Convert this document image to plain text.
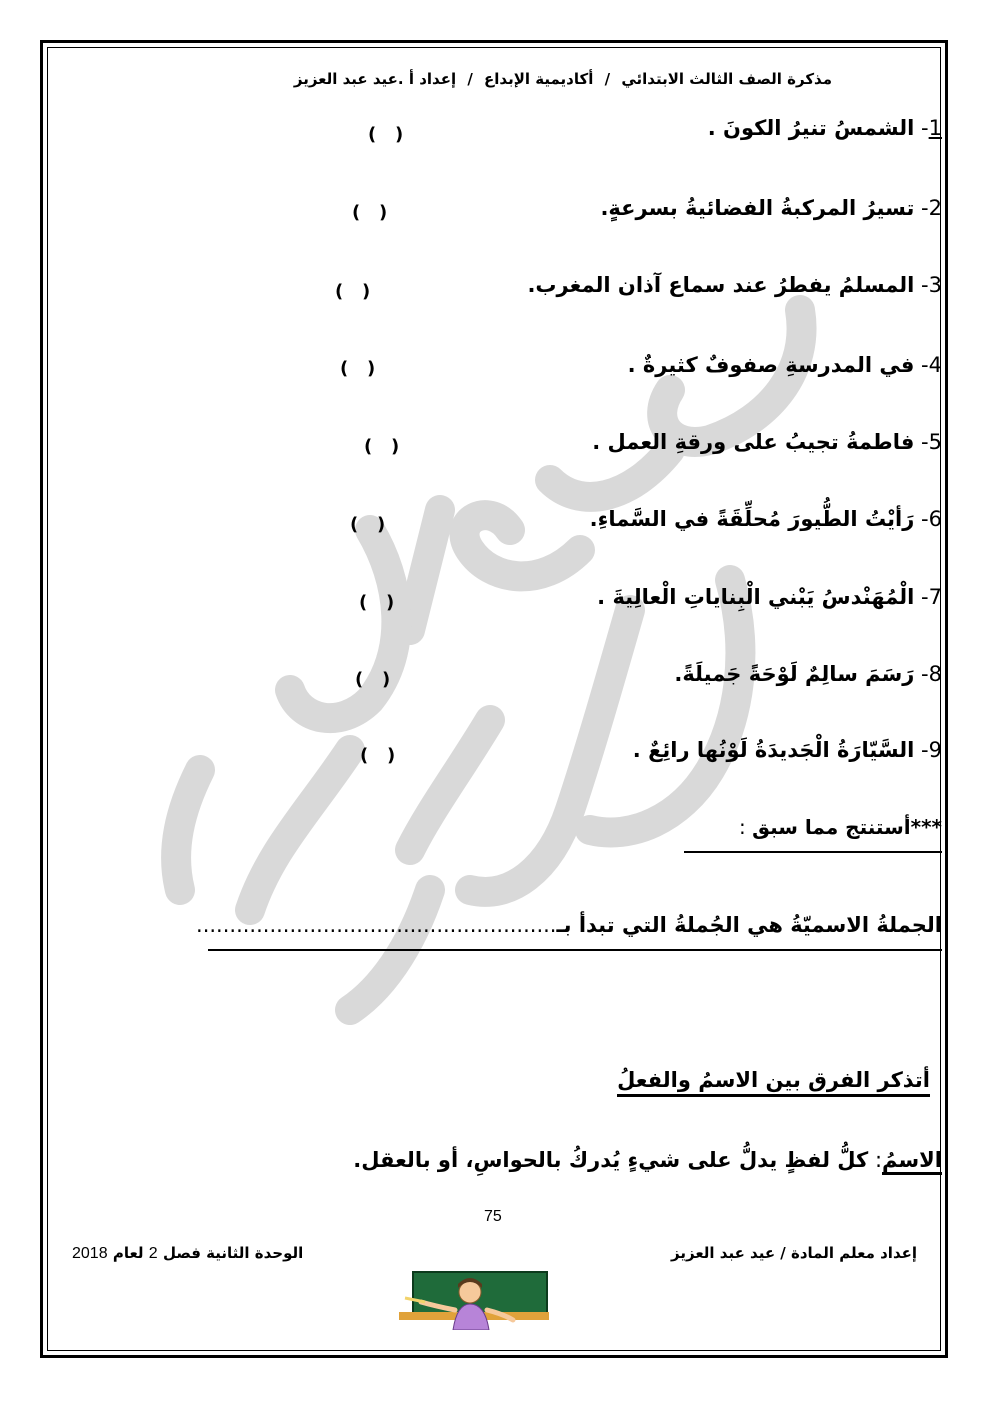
مذكرة الصف الثالث الابتدائي / أكاديمية الإبداع / إعداد أ .عيد عبد العزيز
1- الشمسُ تنيرُ الكونَ .
(   )
2- تسيرُ المركبةُ الفضائيةُ بسرعةٍ.
(   )
3- المسلمُ يفطرُ عند سماع آذان المغرب.
(   )
4- في المدرسةِ صفوفٌ كثيرةٌ .
(   )
5- فاطمةُ تجيبُ على ورقةِ العمل .
(   )
6- رَأيْتُ الطُّيورَ مُحلِّقَةً في السَّماءِ.
(   )
7- الْمُهَنْدسُ يَبْني الْبِناياتِ الْعالِيةَ .
(   )
8- رَسَمَ سالِمٌ لَوْحَةً جَميلَةً.
(   )
9- السَّيّارَةُ الْجَديدَةُ لَوْنُها رائِعٌ .
(   )
***أستنتج مما سبق :
الجملةُ الاسميّةُ هي الجُملةُ التي تبدأ بـ......................................................
أتذكر الفرق بين الاسمُ والفعلُ
الاسمُ: كلُّ لفظٍ يدلُّ على شيءٍ يُدركُ بالحواسِ، أو بالعقل.
75
إعداد معلم المادة / عيد عبد العزيز
الوحدة الثانية فصل 2 لعام 2018
